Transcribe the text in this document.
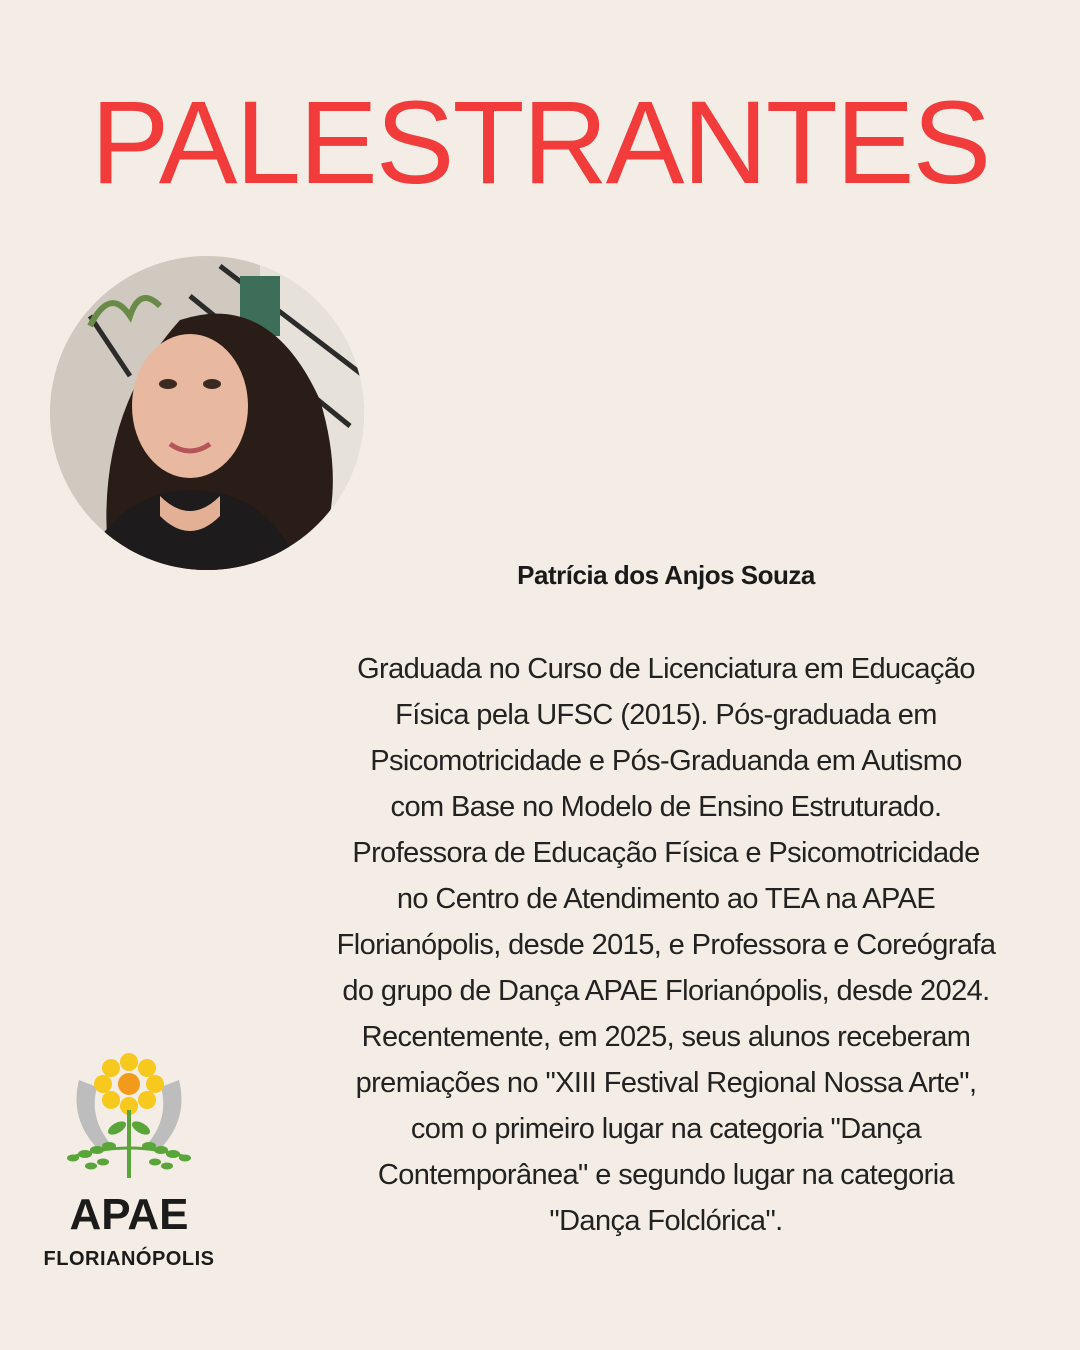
PALESTRANTES
Patrícia dos Anjos Souza
Graduada no Curso de Licenciatura em Educação
Física pela UFSC (2015). Pós-graduada em
Psicomotricidade e Pós-Graduanda em Autismo
com Base no Modelo de Ensino Estruturado.
Professora de Educação Física e Psicomotricidade
no Centro de Atendimento ao TEA na APAE
Florianópolis, desde 2015, e Professora e Coreógrafa
do grupo de Dança APAE Florianópolis, desde 2024.
Recentemente, em 2025, seus alunos receberam
premiações no "XIII Festival Regional Nossa Arte",
com o primeiro lugar na categoria "Dança
Contemporânea" e segundo lugar na categoria
"Dança Folclórica".
APAE
FLORIANÓPOLIS
